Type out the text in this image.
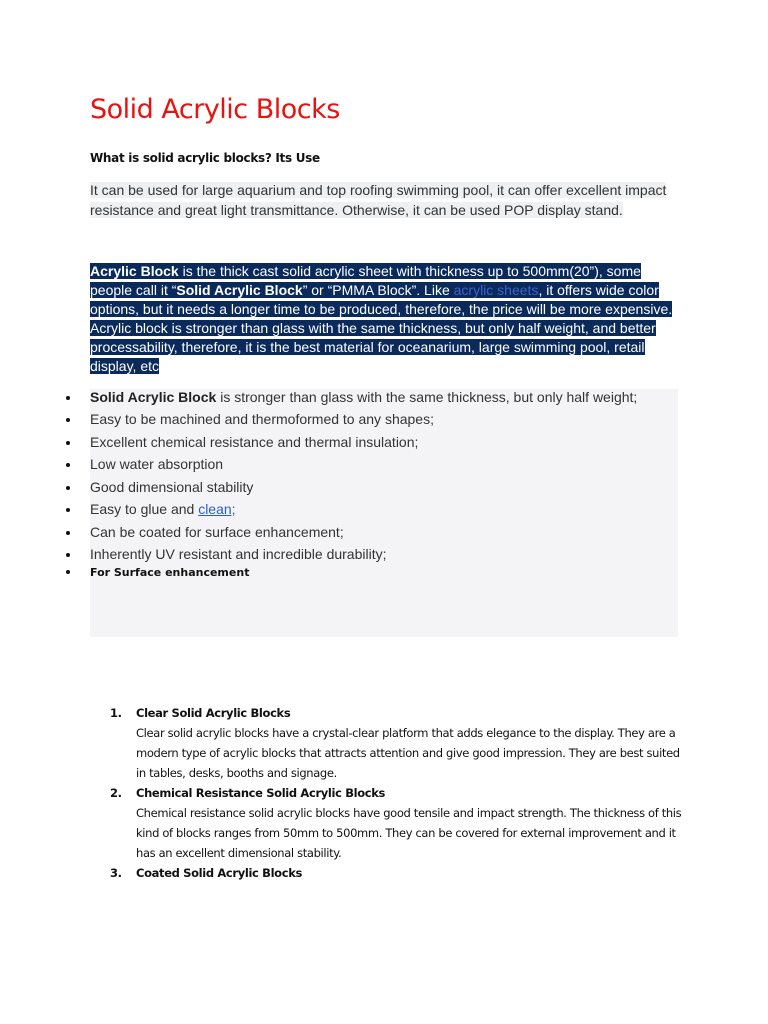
Solid Acrylic Blocks

What is solid acrylic blocks? Its Use

It can be used for large aquarium and top roofing swimming pool, it can offer excellent impact
resistance and great light transmittance. Otherwise, it can be used POP display stand.

Acrylic Block is the thick cast solid acrylic sheet with thickness up to 500mm(20”), some
people call it “Solid Acrylic Block” or “PMMA Block”. Like acrylic sheets, it offers wide color
options, but it needs a longer time to be produced, therefore, the price will be more expensive.
Acrylic block is stronger than glass with the same thickness, but only half weight, and better
processability, therefore, it is the best material for oceanarium, large swimming pool, retail
display, etc

Solid Acrylic Block is stronger than glass with the same thickness, but only half weight;
Easy to be machined and thermoformed to any shapes;
Excellent chemical resistance and thermal insulation;
Low water absorption
Good dimensional stability
Easy to glue and clean;
Can be coated for surface enhancement;
Inherently UV resistant and incredible durability;
For Surface enhancement
1. Clear Solid Acrylic Blocks
Clear solid acrylic blocks have a crystal-clear platform that adds elegance to the display. They are a modern type of acrylic blocks that attracts attention and give good impression. They are best suited in tables, desks, booths and signage.
2. Chemical Resistance Solid Acrylic Blocks
Chemical resistance solid acrylic blocks have good tensile and impact strength. The thickness of this kind of blocks ranges from 50mm to 500mm. They can be covered for external improvement and it has an excellent dimensional stability.
3. Coated Solid Acrylic Blocks
